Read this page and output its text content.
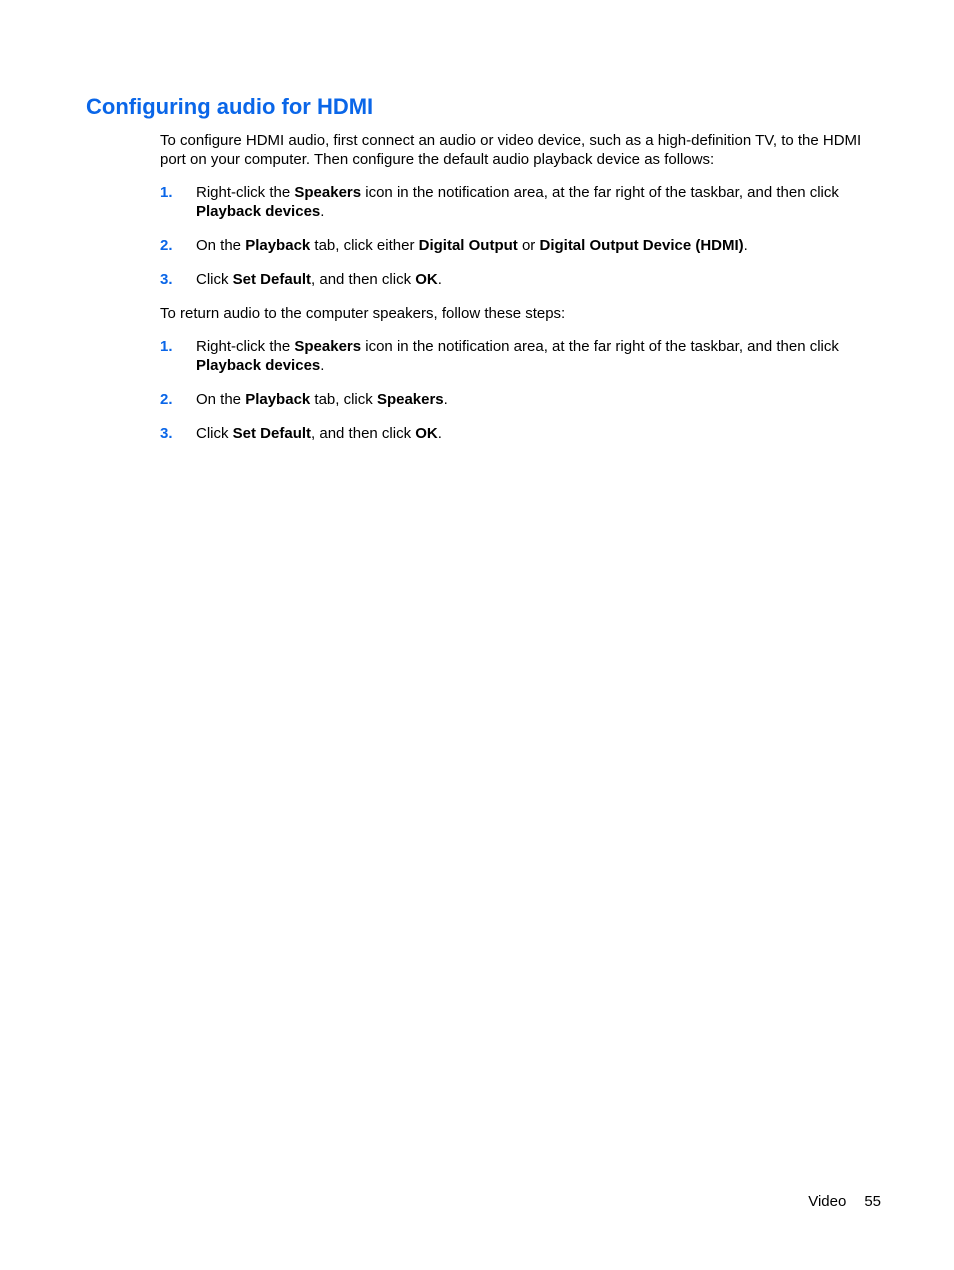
Configuring audio for HDMI

To configure HDMI audio, first connect an audio or video device, such as a high-definition TV, to the HDMI port on your computer. Then configure the default audio playback device as follows:

1. Right-click the Speakers icon in the notification area, at the far right of the taskbar, and then click Playback devices.
2. On the Playback tab, click either Digital Output or Digital Output Device (HDMI).
3. Click Set Default, and then click OK.

To return audio to the computer speakers, follow these steps:

1. Right-click the Speakers icon in the notification area, at the far right of the taskbar, and then click Playback devices.
2. On the Playback tab, click Speakers.
3. Click Set Default, and then click OK.
Video 55
